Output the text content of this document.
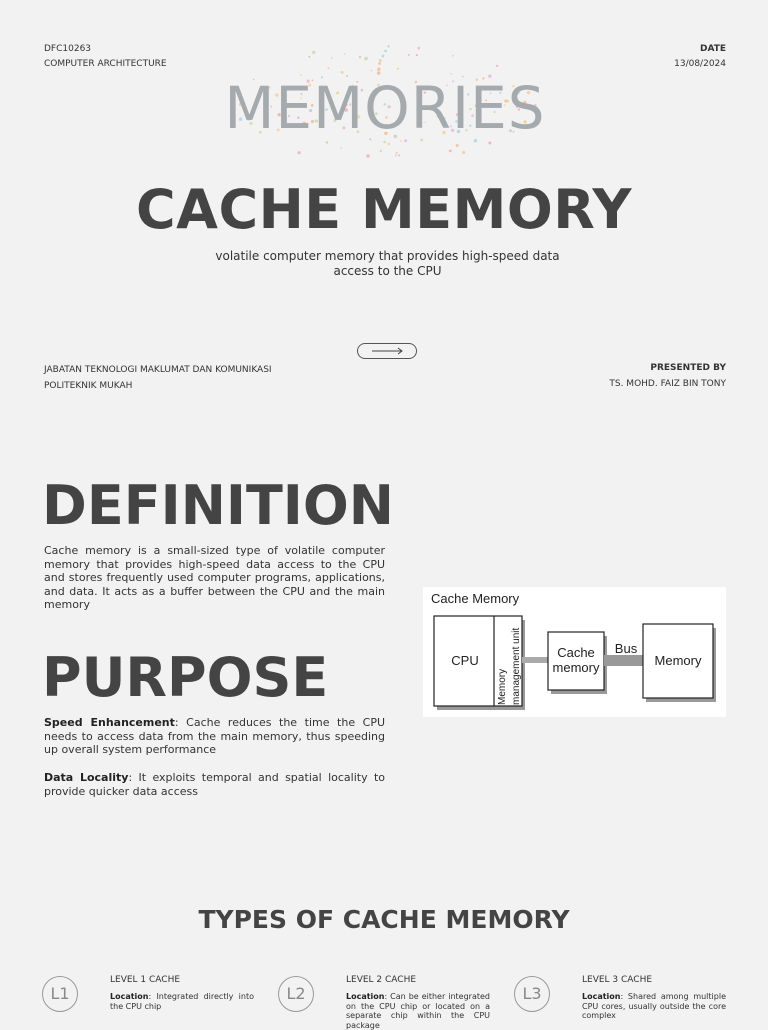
DFC10263
COMPUTER ARCHITECTURE
DATE
13/08/2024
MEMORIES
CACHE MEMORY
volatile computer memory that provides high-speed data access to the CPU
JABATAN TEKNOLOGI MAKLUMAT DAN KOMUNIKASI
POLITEKNIK MUKAH
PRESENTED BY
TS. MOHD. FAIZ BIN TONY
DEFINITION
Cache memory is a small-sized type of volatile computer memory that provides high-speed data access to the CPU and stores frequently used computer programs, applications, and data. It acts as a buffer between the CPU and the main memory
PURPOSE
Speed Enhancement: Cache reduces the time the CPU needs to access data from the main memory, thus speeding up overall system performance
Data Locality: It exploits temporal and spatial locality to provide quicker data access
Cache Memory
CPU
Memory management unit	Cache
memory
Bus
Memory
TYPES OF CACHE MEMORY
L1
LEVEL 1 CACHE
Location: Integrated directly into the CPU chip
L2
LEVEL 2 CACHE
Location: Can be either integrated on the CPU chip or located on a separate chip within the CPU package
L3
LEVEL 3 CACHE
Location: Shared among multiple CPU cores, usually outside the core complex
